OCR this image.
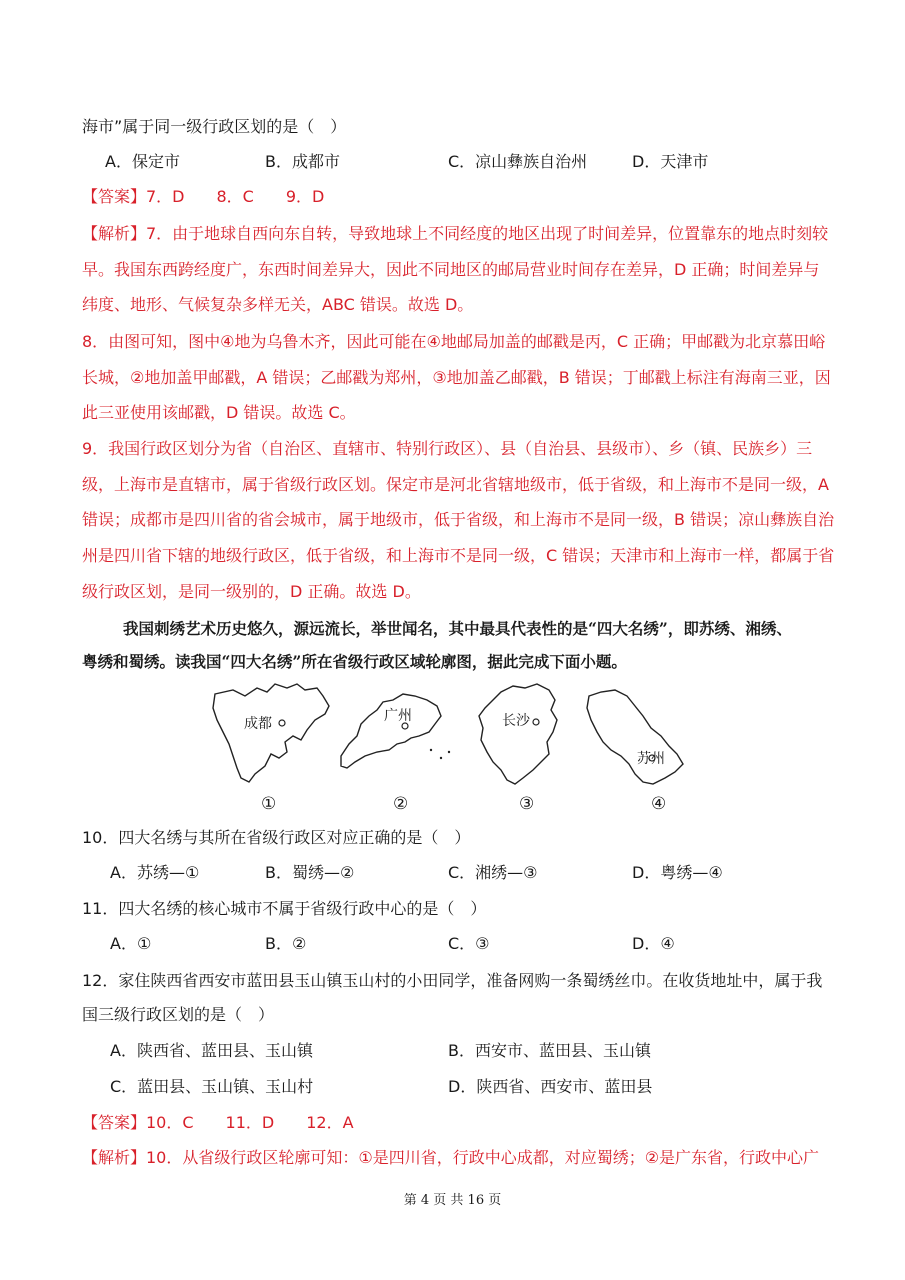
海市”属于同一级行政区划的是（　）
A．保定市	B．成都市	C．凉山彝族自治州	D．天津市
【答案】7．D　　8．C　　9．D
【解析】7．由于地球自西向东自转，导致地球上不同经度的地区出现了时间差异，位置靠东的地点时刻较
早。我国东西跨经度广，东西时间差异大，因此不同地区的邮局营业时间存在差异，D 正确；时间差异与
纬度、地形、气候复杂多样无关，ABC 错误。故选 D。
8．由图可知，图中④地为乌鲁木齐，因此可能在④地邮局加盖的邮戳是丙，C 正确；甲邮戳为北京慕田峪
长城，②地加盖甲邮戳，A 错误；乙邮戳为郑州，③地加盖乙邮戳，B 错误；丁邮戳上标注有海南三亚，因
此三亚使用该邮戳，D 错误。故选 C。
9．我国行政区划分为省（自治区、直辖市、特别行政区）、县（自治县、县级市）、乡（镇、民族乡）三
级，上海市是直辖市，属于省级行政区划。保定市是河北省辖地级市，低于省级，和上海市不是同一级，A
错误；成都市是四川省的省会城市，属于地级市，低于省级，和上海市不是同一级，B 错误；凉山彝族自治
州是四川省下辖的地级行政区，低于省级，和上海市不是同一级，C 错误；天津市和上海市一样，都属于省
级行政区划，是同一级别的，D 正确。故选 D。
我国刺绣艺术历史悠久，源远流长，举世闻名，其中最具代表性的是“四大名绣”，即苏绣、湘绣、
粤绣和蜀绣。读我国“四大名绣”所在省级行政区域轮廓图，据此完成下面小题。
成都	广州	长沙
苏州
①	②	③	④
10．四大名绣与其所在省级行政区对应正确的是（　）
A．苏绣—①	B．蜀绣—②	C．湘绣—③	D．粤绣—④
11．四大名绣的核心城市不属于省级行政中心的是（　）
A．①	B．②	C．③	D．④
12．家住陕西省西安市蓝田县玉山镇玉山村的小田同学，准备网购一条蜀绣丝巾。在收货地址中，属于我
国三级行政区划的是（　）
A．陕西省、蓝田县、玉山镇	B．西安市、蓝田县、玉山镇
C．蓝田县、玉山镇、玉山村	D．陕西省、西安市、蓝田县
【答案】10．C　　11．D　　12．A
【解析】10．从省级行政区轮廓可知：①是四川省，行政中心成都，对应蜀绣；②是广东省，行政中心广
第 4 页 共 16 页
